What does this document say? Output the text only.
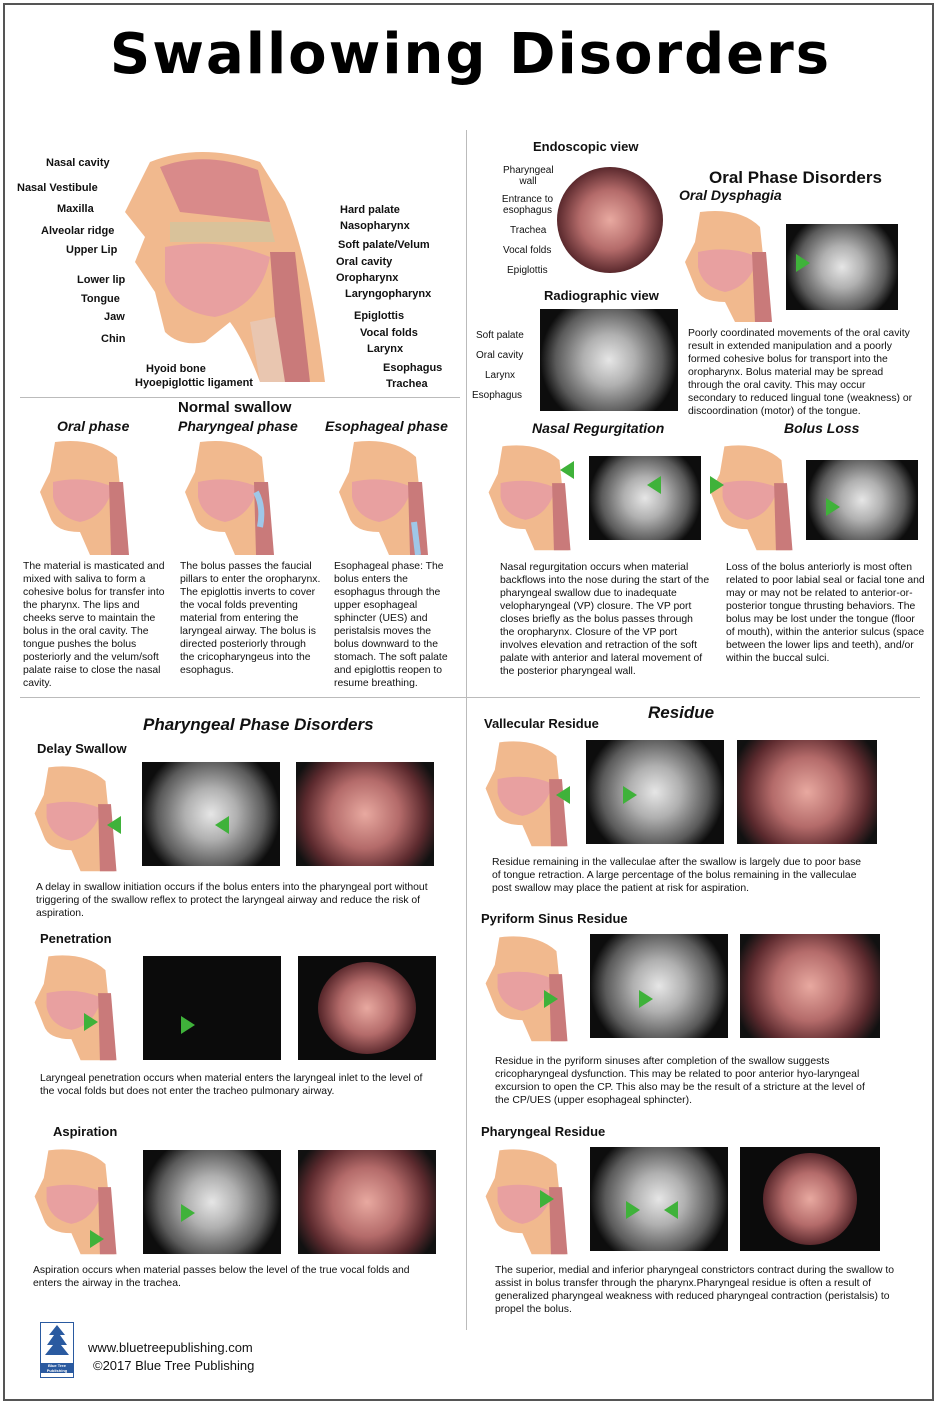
Swallowing Disorders
Nasal cavity
Nasal Vestibule
Maxilla
Alveolar ridge
Upper Lip
Lower lip
Tongue
Jaw
Chin
Hard palate
Nasopharynx
Soft palate/Velum
Oral cavity
Oropharynx
Laryngopharynx
Epiglottis
Vocal folds
Larynx
Esophagus
Trachea
Hyoid bone
Hyoepiglottic ligament
Endoscopic view
Pharyngeal wall
Entrance to esophagus
Trachea
Vocal folds
Epiglottis
Radiographic view
Soft palate
Oral cavity
Larynx
Esophagus
Oral Phase Disorders
Oral Dysphagia
Poorly coordinated movements of the oral cavity result in extended manipulation and a poorly formed cohesive bolus for transport into the oropharynx. Bolus material may be spread through the oral cavity. This may occur secondary to reduced lingual tone (weakness) or discoordination (motor) of the tongue.
Normal swallow
Oral phase	Pharyngeal phase Esophageal phase
The material is masticated and mixed with saliva to form a cohesive bolus for transfer into the pharynx. The lips and cheeks serve to maintain the bolus in the oral cavity. The tongue pushes the bolus posteriorly and the velum/soft palate raise to close the nasal cavity.
The bolus passes the faucial pillars to enter the oropharynx. The epiglottis inverts to cover the vocal folds preventing material from entering the laryngeal airway. The bolus is directed posteriorly through the cricopharyngeus into the esophagus.
Esophageal phase: The bolus enters the esophagus through the upper esophageal sphincter (UES) and peristalsis moves the bolus downward to the stomach. The soft palate and epiglottis reopen to resume breathing.
Nasal Regurgitation	Bolus Loss
Nasal regurgitation occurs when material backflows into the nose during the start of the pharyngeal swallow due to inadequate velopharyngeal (VP) closure. The VP port closes briefly as the bolus passes through the oropharynx. Closure of the VP port involves elevation and retraction of the soft palate with anterior and lateral movement of the posterior pharyngeal wall.
Loss of the bolus anteriorly is most often related to poor labial seal or facial tone and may or may not be related to anterior-or-posterior tongue thrusting behaviors. The bolus may be lost under the tongue (floor of mouth), within the anterior sulcus (space between the lower lips and teeth), and/or within the buccal sulci.
Pharyngeal Phase Disorders
Delay Swallow
A delay in swallow initiation occurs if the bolus enters into the pharyngeal port without triggering of the swallow reflex to protect the laryngeal airway and reduce the risk of aspiration.
Penetration
Laryngeal penetration occurs when material enters the laryngeal inlet to the level of the vocal folds but does not enter the tracheo pulmonary airway.
Aspiration
Aspiration occurs when material passes below the level of the true vocal folds and enters the airway in the trachea.
Residue
Vallecular Residue
Residue remaining in the valleculae after the swallow is largely due to poor base of tongue retraction. A large percentage of the bolus remaining in the valleculae post swallow may place the patient at risk for aspiration.
Pyriform Sinus Residue
Residue in the pyriform sinuses after completion of the swallow suggests cricopharyngeal dysfunction. This may be related to poor anterior hyo-laryngeal excursion to open the CP. This also may be the result of a stricture at the level of the CP/UES (upper esophageal sphincter).
Pharyngeal Residue
The superior, medial and inferior pharyngeal constrictors contract during the swallow to assist in bolus transfer through the pharynx.Pharyngeal residue is often a result of generalized pharyngeal weakness with reduced pharyngeal contraction (peristalsis) to propel the bolus.
Blue Tree Publishing
www.bluetreepublishing.com
©2017 Blue Tree Publishing
